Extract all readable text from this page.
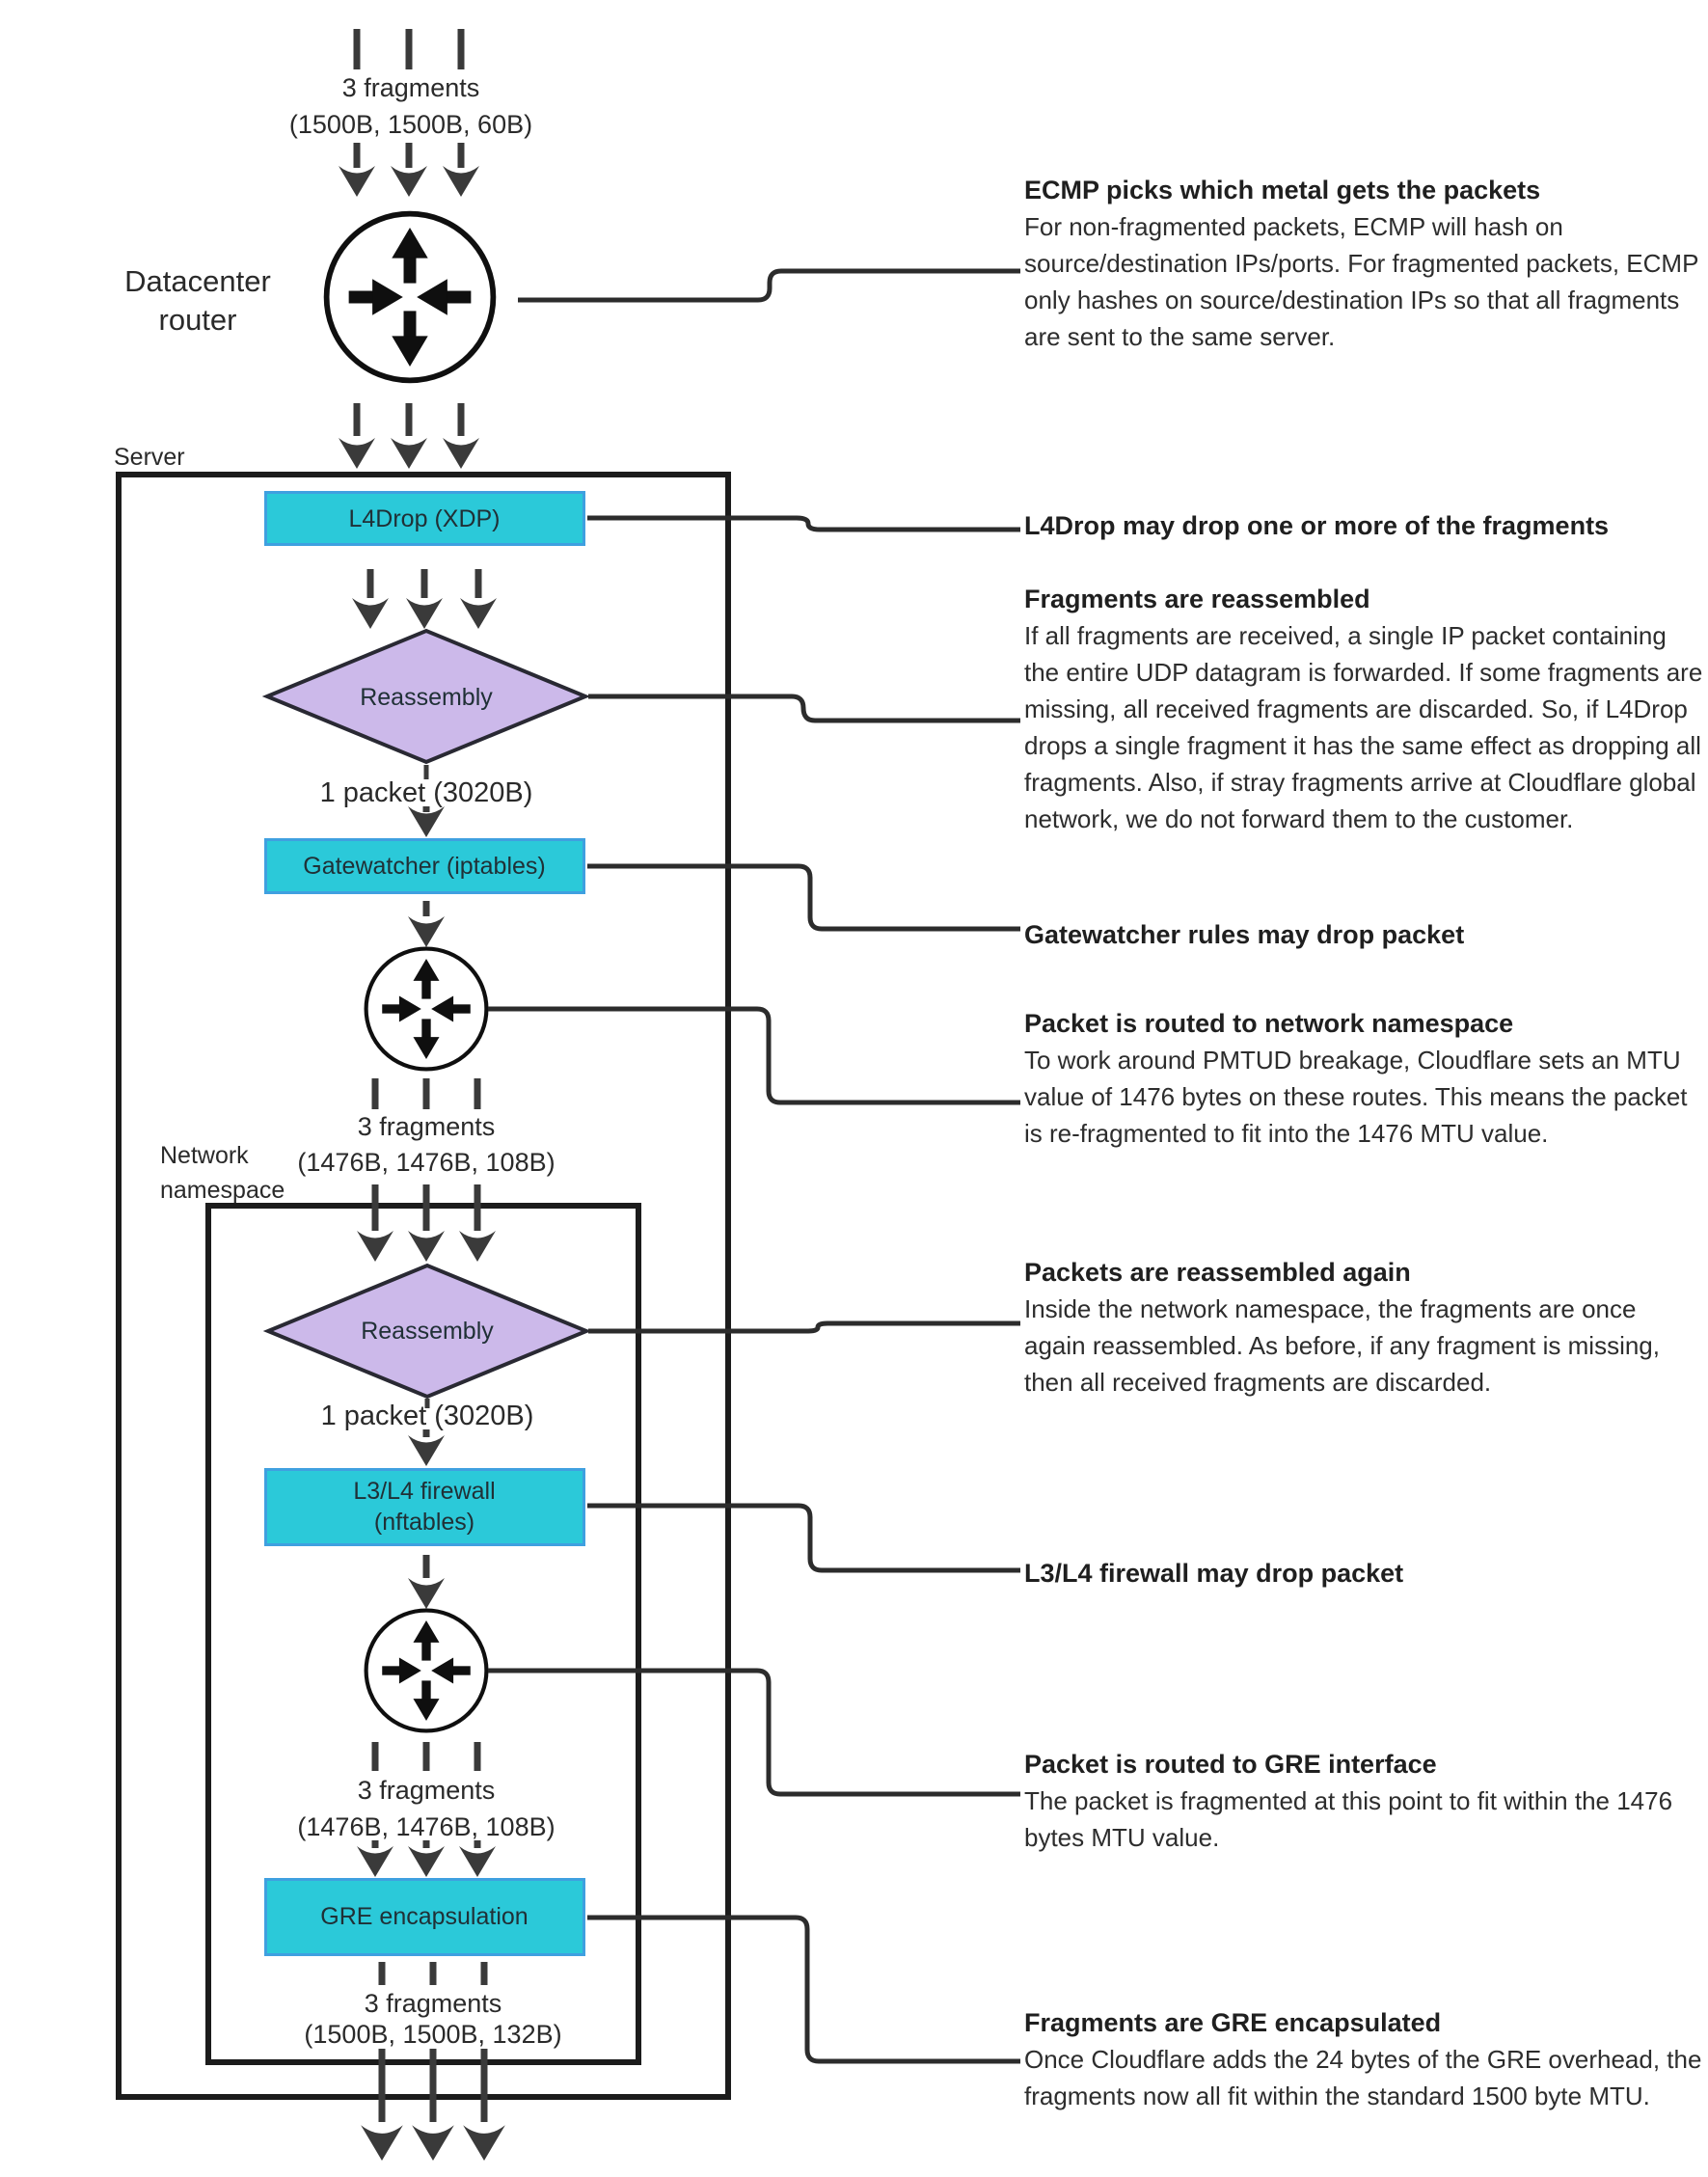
3 fragments
(1500B, 1500B, 60B)
Datacenter router
Server
L4Drop (XDP)
Reassembly
1 packet (3020B)
Gatewatcher (iptables)
3 fragments
(1476B, 1476B, 108B)
Network namespace
Reassembly
1 packet (3020B)
L3/L4 firewall
(nftables)
3 fragments
(1476B, 1476B, 108B)
GRE encapsulation
3 fragments
(1500B, 1500B, 132B)
ECMP picks which metal gets the packets
For non-fragmented packets, ECMP will hash on source/destination IPs/ports. For fragmented packets, ECMP only hashes on source/destination IPs so that all fragments are sent to the same server.
L4Drop may drop one or more of the fragments
Fragments are reassembled
If all fragments are received, a single IP packet containing the entire UDP datagram is forwarded. If some fragments are missing, all received fragments are discarded. So, if L4Drop drops a single fragment it has the same effect as dropping all fragments. Also, if stray fragments arrive at Cloudflare global network, we do not forward them to the customer.
Gatewatcher rules may drop packet
Packet is routed to network namespace
To work around PMTUD breakage, Cloudflare sets an MTU value of 1476 bytes on these routes. This means the packet is re-fragmented to fit into the 1476 MTU value.
Packets are reassembled again
Inside the network namespace, the fragments are once again reassembled. As before, if any fragment is missing, then all received fragments are discarded.
L3/L4 firewall may drop packet
Packet is routed to GRE interface
The packet is fragmented at this point to fit within the 1476 bytes MTU value.
Fragments are GRE encapsulated
Once Cloudflare adds the 24 bytes of the GRE overhead, the fragments now all fit within the standard 1500 byte MTU.
